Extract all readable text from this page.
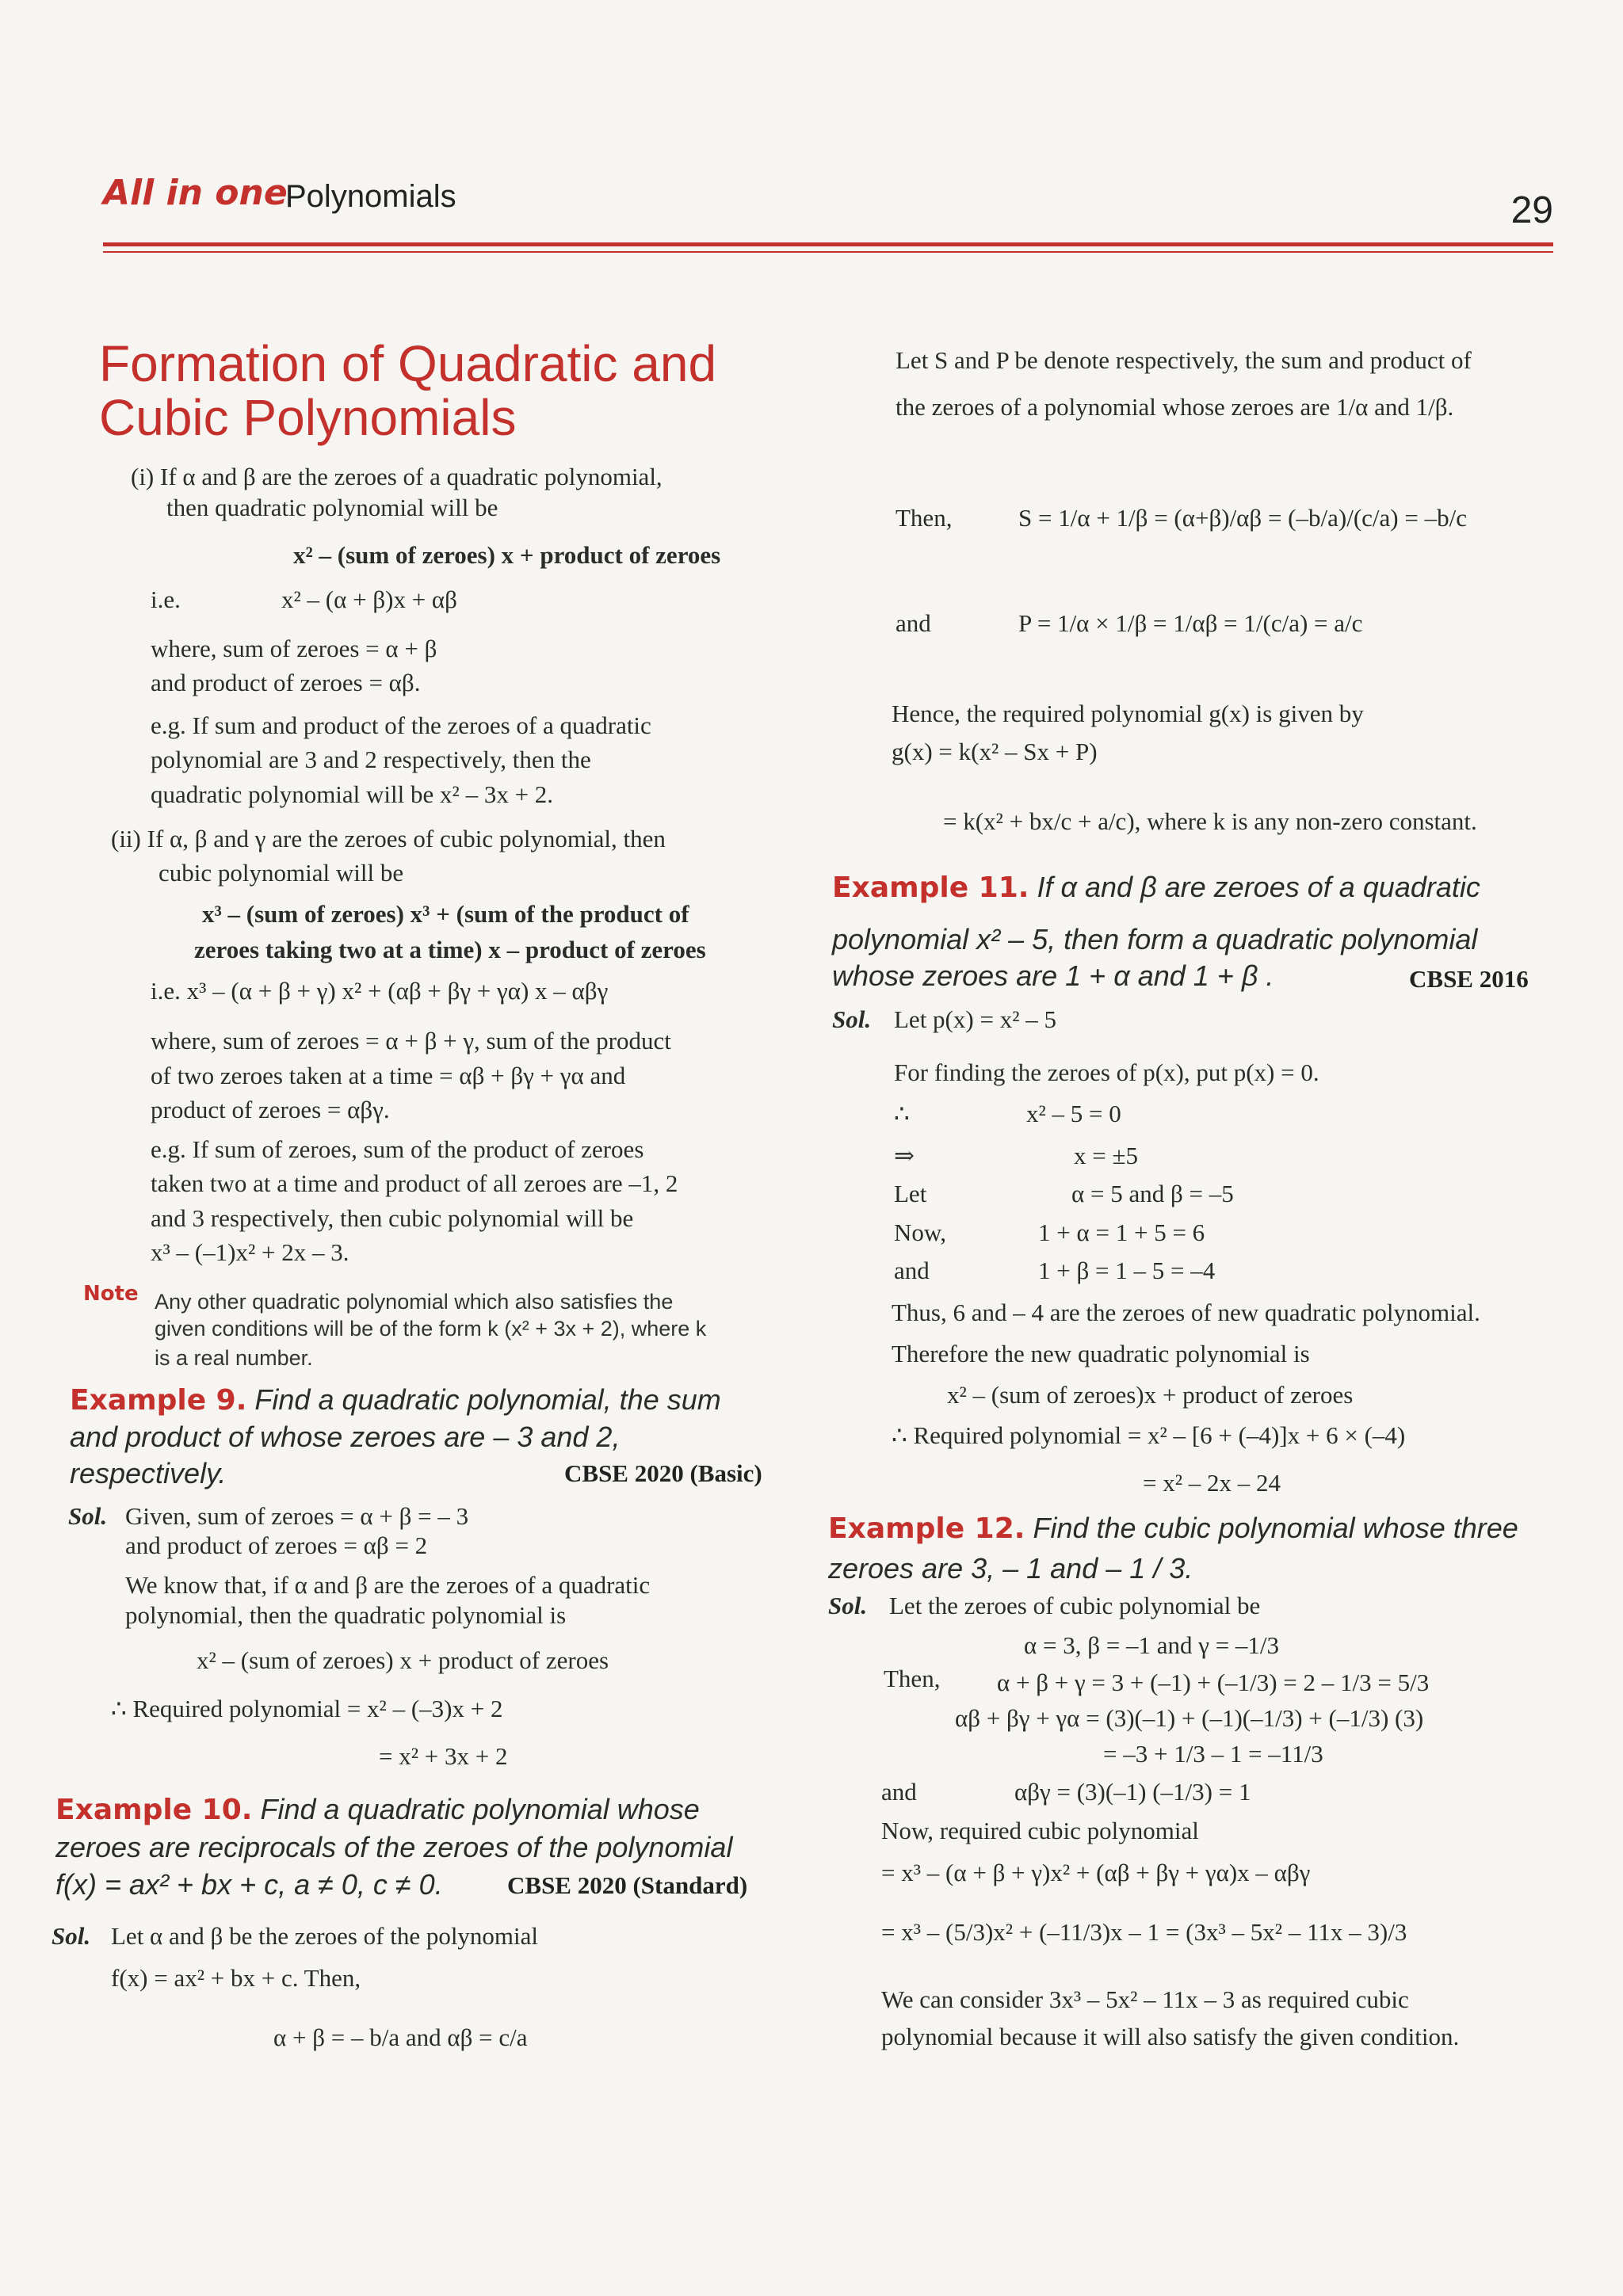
All in one
Polynomials	29
Formation of Quadratic and
Cubic Polynomials
(i) If α and β are the zeroes of a quadratic polynomial,
then quadratic polynomial will be
x² – (sum of zeroes) x + product of zeroes
i.e.	x² – (α + β)x + αβ
where, sum of zeroes = α + β
and product of zeroes = αβ.
e.g. If sum and product of the zeroes of a quadratic
polynomial are 3 and 2 respectively, then the
quadratic polynomial will be x² – 3x + 2.
(ii) If α, β and γ are the zeroes of cubic polynomial, then
cubic polynomial will be
x³ – (sum of zeroes) x³ + (sum of the product of
zeroes taking two at a time) x – product of zeroes
i.e. x³ – (α + β + γ) x² + (αβ + βγ + γα) x – αβγ
where, sum of zeroes = α + β + γ, sum of the product
of two zeroes taken at a time = αβ + βγ + γα and
product of zeroes = αβγ.
e.g. If sum of zeroes, sum of the product of zeroes
taken two at a time and product of all zeroes are –1, 2
and 3 respectively, then cubic polynomial will be
x³ – (–1)x² + 2x – 3.
Note Any other quadratic polynomial which also satisfies the
given conditions will be of the form k (x² + 3x + 2), where k
is a real number.
Example 9. Find a quadratic polynomial, the sum
and product of whose zeroes are – 3 and 2,
respectively.	CBSE 2020 (Basic)
Sol. Given, sum of zeroes = α + β = – 3
and product of zeroes = αβ = 2
We know that, if α and β are the zeroes of a quadratic
polynomial, then the quadratic polynomial is
x² – (sum of zeroes) x + product of zeroes
∴ Required polynomial = x² – (–3)x + 2
= x² + 3x + 2
Example 10. Find a quadratic polynomial whose
zeroes are reciprocals of the zeroes of the polynomial
f(x) = ax² + bx + c, a ≠ 0, c ≠ 0.	CBSE 2020 (Standard)
Sol. Let α and β be the zeroes of the polynomial
f(x) = ax² + bx + c. Then,
α + β = – b/a and αβ = c/a
Let S and P be denote respectively, the sum and product of
the zeroes of a polynomial whose zeroes are 1/α and 1/β.
Then,	S = 1/α + 1/β = (α+β)/αβ = (–b/a)/(c/a) = –b/c
and	P = 1/α × 1/β = 1/αβ = 1/(c/a) = a/c
Hence, the required polynomial g(x) is given by
g(x) = k(x² – Sx + P)
= k(x² + bx/c + a/c), where k is any non-zero constant.
Example 11. If α and β are zeroes of a quadratic
polynomial x² – 5, then form a quadratic polynomial
whose zeroes are 1 + α and 1 + β .	CBSE 2016
Sol. Let p(x) = x² – 5
For finding the zeroes of p(x), put p(x) = 0.
∴	x² – 5 = 0
⇒	x = ±5
Let	α = 5 and β = –5
Now,	1 + α = 1 + 5 = 6
and	1 + β = 1 – 5 = –4
Thus, 6 and – 4 are the zeroes of new quadratic polynomial.
Therefore the new quadratic polynomial is
x² – (sum of zeroes)x + product of zeroes
∴ Required polynomial = x² – [6 + (–4)]x + 6 × (–4)
= x² – 2x – 24
Example 12. Find the cubic polynomial whose three
zeroes are 3, – 1 and – 1 / 3.
Sol. Let the zeroes of cubic polynomial be
α = 3, β = –1 and γ = –1/3
Then, α + β + γ = 3 + (–1) + (–1/3) = 2 – 1/3 = 5/3
αβ + βγ + γα = (3)(–1) + (–1)(–1/3) + (–1/3) (3)
= –3 + 1/3 – 1 = –11/3
and	αβγ = (3)(–1) (–1/3) = 1
Now, required cubic polynomial
= x³ – (α + β + γ)x² + (αβ + βγ + γα)x – αβγ
= x³ – (5/3)x² + (–11/3)x – 1 = (3x³ – 5x² – 11x – 3)/3
We can consider 3x³ – 5x² – 11x – 3 as required cubic
polynomial because it will also satisfy the given condition.
